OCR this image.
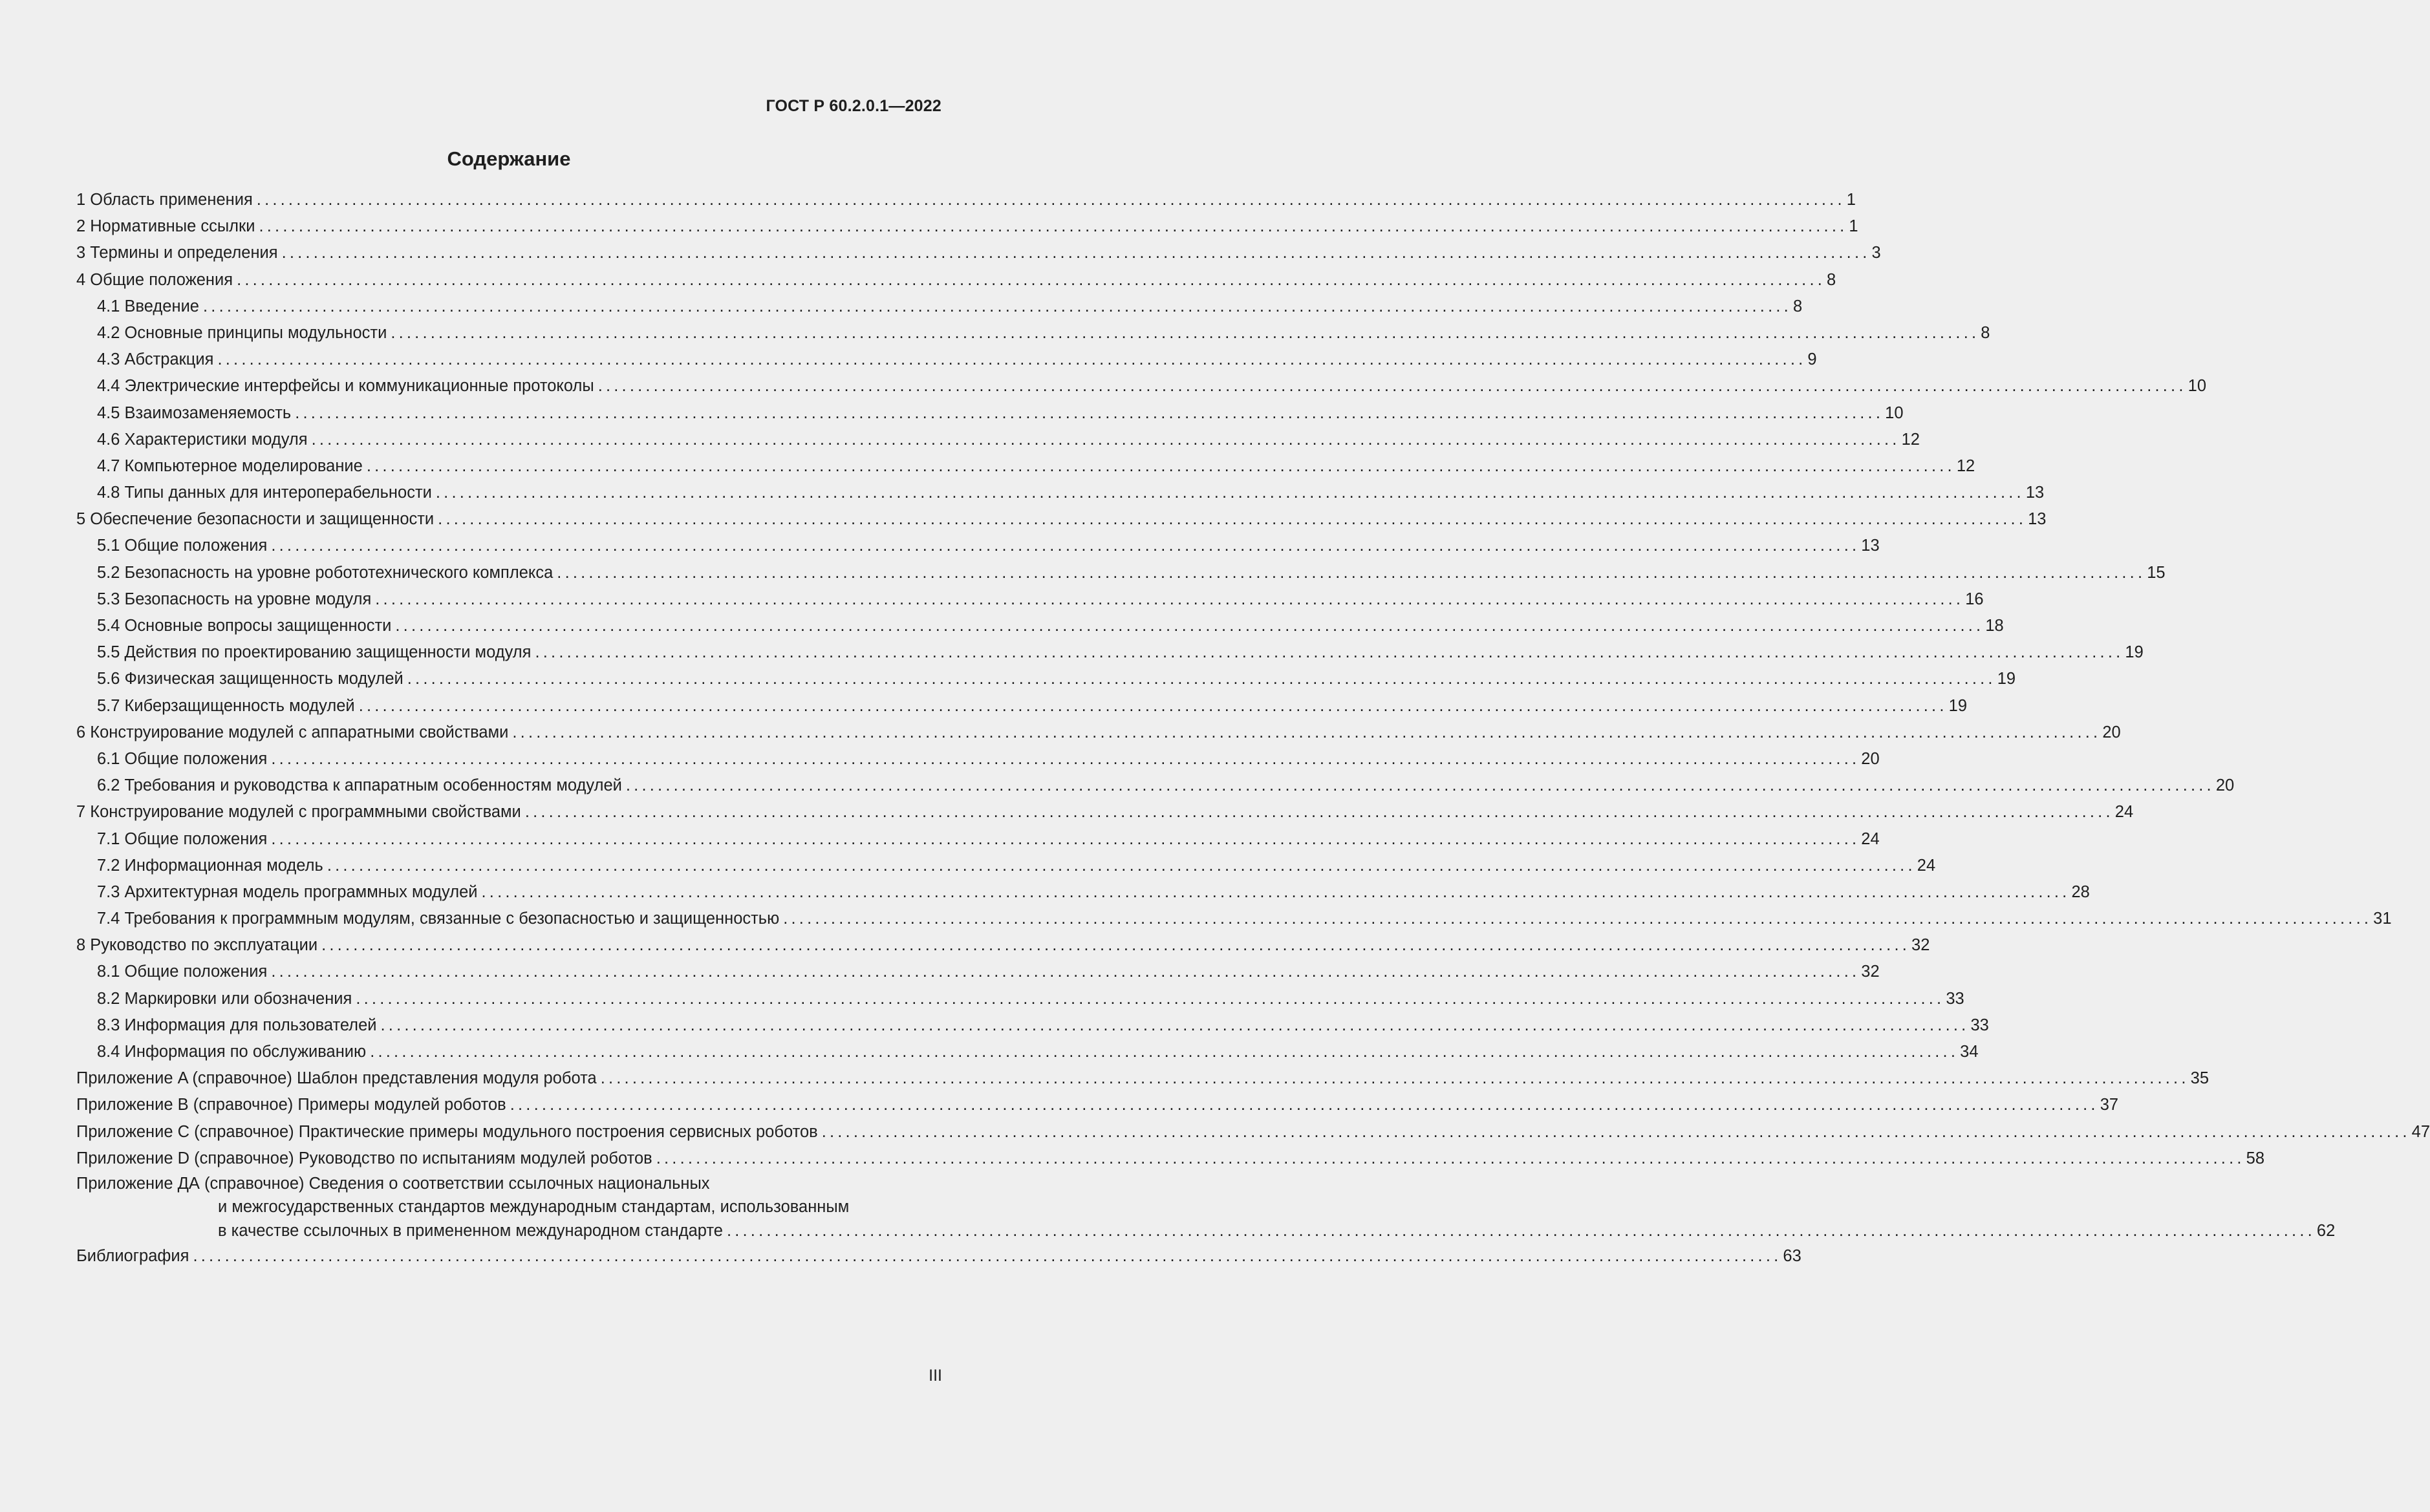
ГОСТ Р 60.2.0.1—2022
Содержание
1 Область применения ........................................................................................................................................................................................................ 1
2 Нормативные ссылки ........................................................................................................................................................................................................ 1
3 Термины и определения ........................................................................................................................................................................................................ 3
4 Общие положения ........................................................................................................................................................................................................ 8
4.1 Введение ........................................................................................................................................................................................................ 8
4.2 Основные принципы модульности ........................................................................................................................................................................................................ 8
4.3 Абстракция ........................................................................................................................................................................................................ 9
4.4 Электрические интерфейсы и коммуникационные протоколы ........................................................................................................................................................................................................ 10
4.5 Взаимозаменяемость ........................................................................................................................................................................................................ 10
4.6 Характеристики модуля ........................................................................................................................................................................................................ 12
4.7 Компьютерное моделирование ........................................................................................................................................................................................................ 12
4.8 Типы данных для интероперабельности ........................................................................................................................................................................................................ 13
5 Обеспечение безопасности и защищенности ........................................................................................................................................................................................................ 13
5.1 Общие положения ........................................................................................................................................................................................................ 13
5.2 Безопасность на уровне робототехнического комплекса ........................................................................................................................................................................................................ 15
5.3 Безопасность на уровне модуля ........................................................................................................................................................................................................ 16
5.4 Основные вопросы защищенности ........................................................................................................................................................................................................ 18
5.5 Действия по проектированию защищенности модуля ........................................................................................................................................................................................................ 19
5.6 Физическая защищенность модулей ........................................................................................................................................................................................................ 19
5.7 Киберзащищенность модулей ........................................................................................................................................................................................................ 19
6 Конструирование модулей с аппаратными свойствами ........................................................................................................................................................................................................ 20
6.1 Общие положения ........................................................................................................................................................................................................ 20
6.2 Требования и руководства к аппаратным особенностям модулей ........................................................................................................................................................................................................ 20
7 Конструирование модулей с программными свойствами ........................................................................................................................................................................................................ 24
7.1 Общие положения ........................................................................................................................................................................................................ 24
7.2 Информационная модель ........................................................................................................................................................................................................ 24
7.3 Архитектурная модель программных модулей ........................................................................................................................................................................................................ 28
7.4 Требования к программным модулям, связанные с безопасностью и защищенностью ........................................................................................................................................................................................................ 31
8 Руководство по эксплуатации ........................................................................................................................................................................................................ 32
8.1 Общие положения ........................................................................................................................................................................................................ 32
8.2 Маркировки или обозначения ........................................................................................................................................................................................................ 33
8.3 Информация для пользователей ........................................................................................................................................................................................................ 33
8.4 Информация по обслуживанию ........................................................................................................................................................................................................ 34
Приложение A (справочное) Шаблон представления модуля робота ........................................................................................................................................................................................................ 35
Приложение B (справочное) Примеры модулей роботов ........................................................................................................................................................................................................ 37
Приложение C (справочное) Практические примеры модульного построения сервисных роботов ........................................................................................................................................................................................................ 47
Приложение D (справочное) Руководство по испытаниям модулей роботов ........................................................................................................................................................................................................ 58
Приложение ДА (справочное) Сведения о соответствии ссылочных национальных
и межгосударственных стандартов международным стандартам, использованным
в качестве ссылочных в примененном международном стандарте ........................................................................................................................................................................................................ 62
Библиография ........................................................................................................................................................................................................ 63
III
